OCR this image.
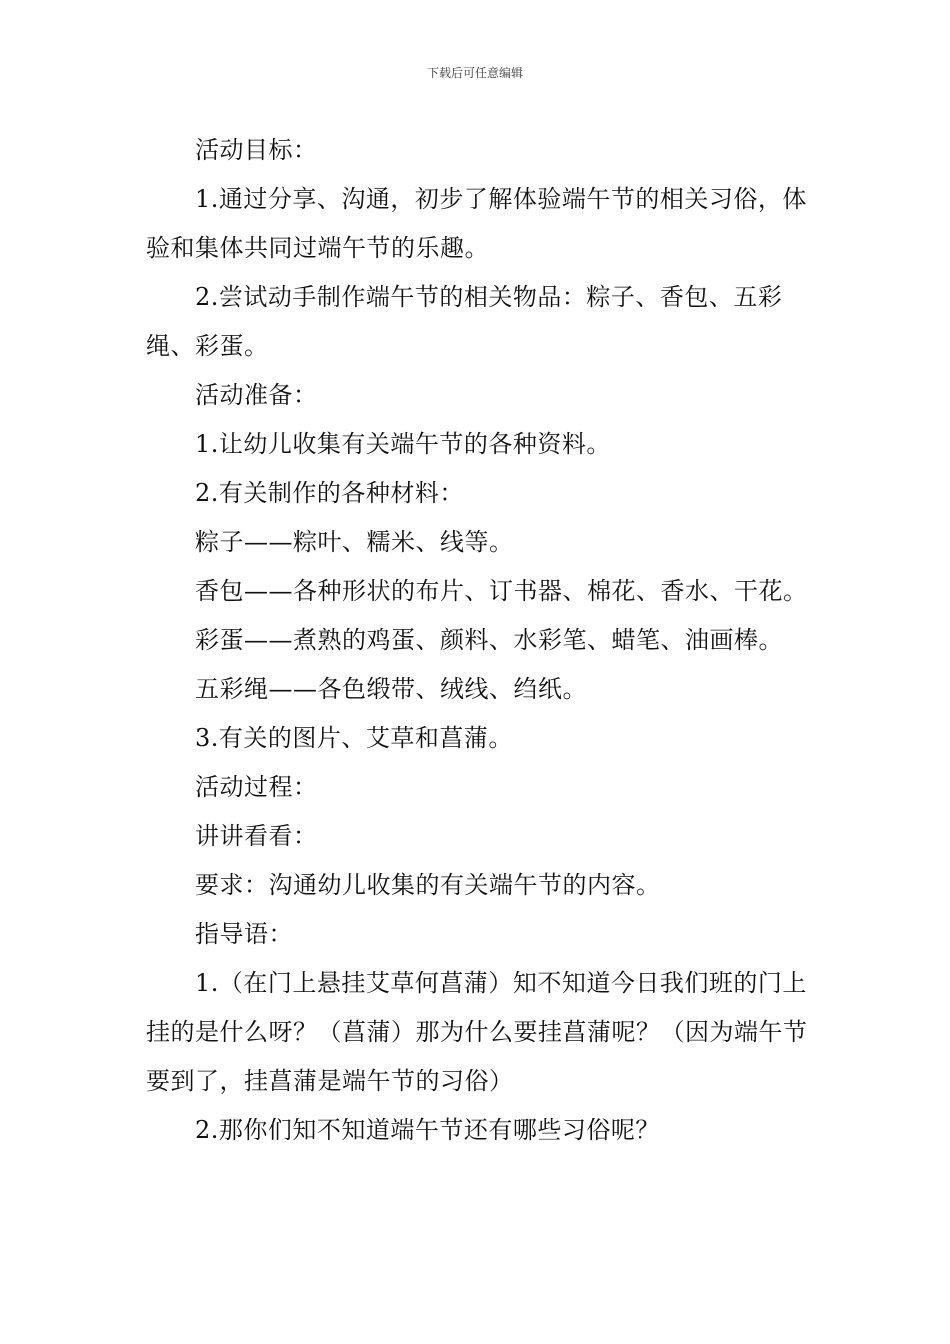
下载后可任意编辑

活动目标：

1.通过分享、沟通，初步了解体验端午节的相关习俗，体验和集体共同过端午节的乐趣。

2.尝试动手制作端午节的相关物品：粽子、香包、五彩绳、彩蛋。

活动准备：

1.让幼儿收集有关端午节的各种资料。

2.有关制作的各种材料：

粽子——粽叶、糯米、线等。

香包——各种形状的布片、订书器、棉花、香水、干花。

彩蛋——煮熟的鸡蛋、颜料、水彩笔、蜡笔、油画棒。

五彩绳——各色缎带、绒线、绉纸。

3.有关的图片、艾草和菖蒲。

活动过程：

讲讲看看：

要求：沟通幼儿收集的有关端午节的内容。

指导语：

1.（在门上悬挂艾草何菖蒲）知不知道今日我们班的门上挂的是什么呀？（菖蒲）那为什么要挂菖蒲呢？（因为端午节要到了，挂菖蒲是端午节的习俗）

2.那你们知不知道端午节还有哪些习俗呢？
